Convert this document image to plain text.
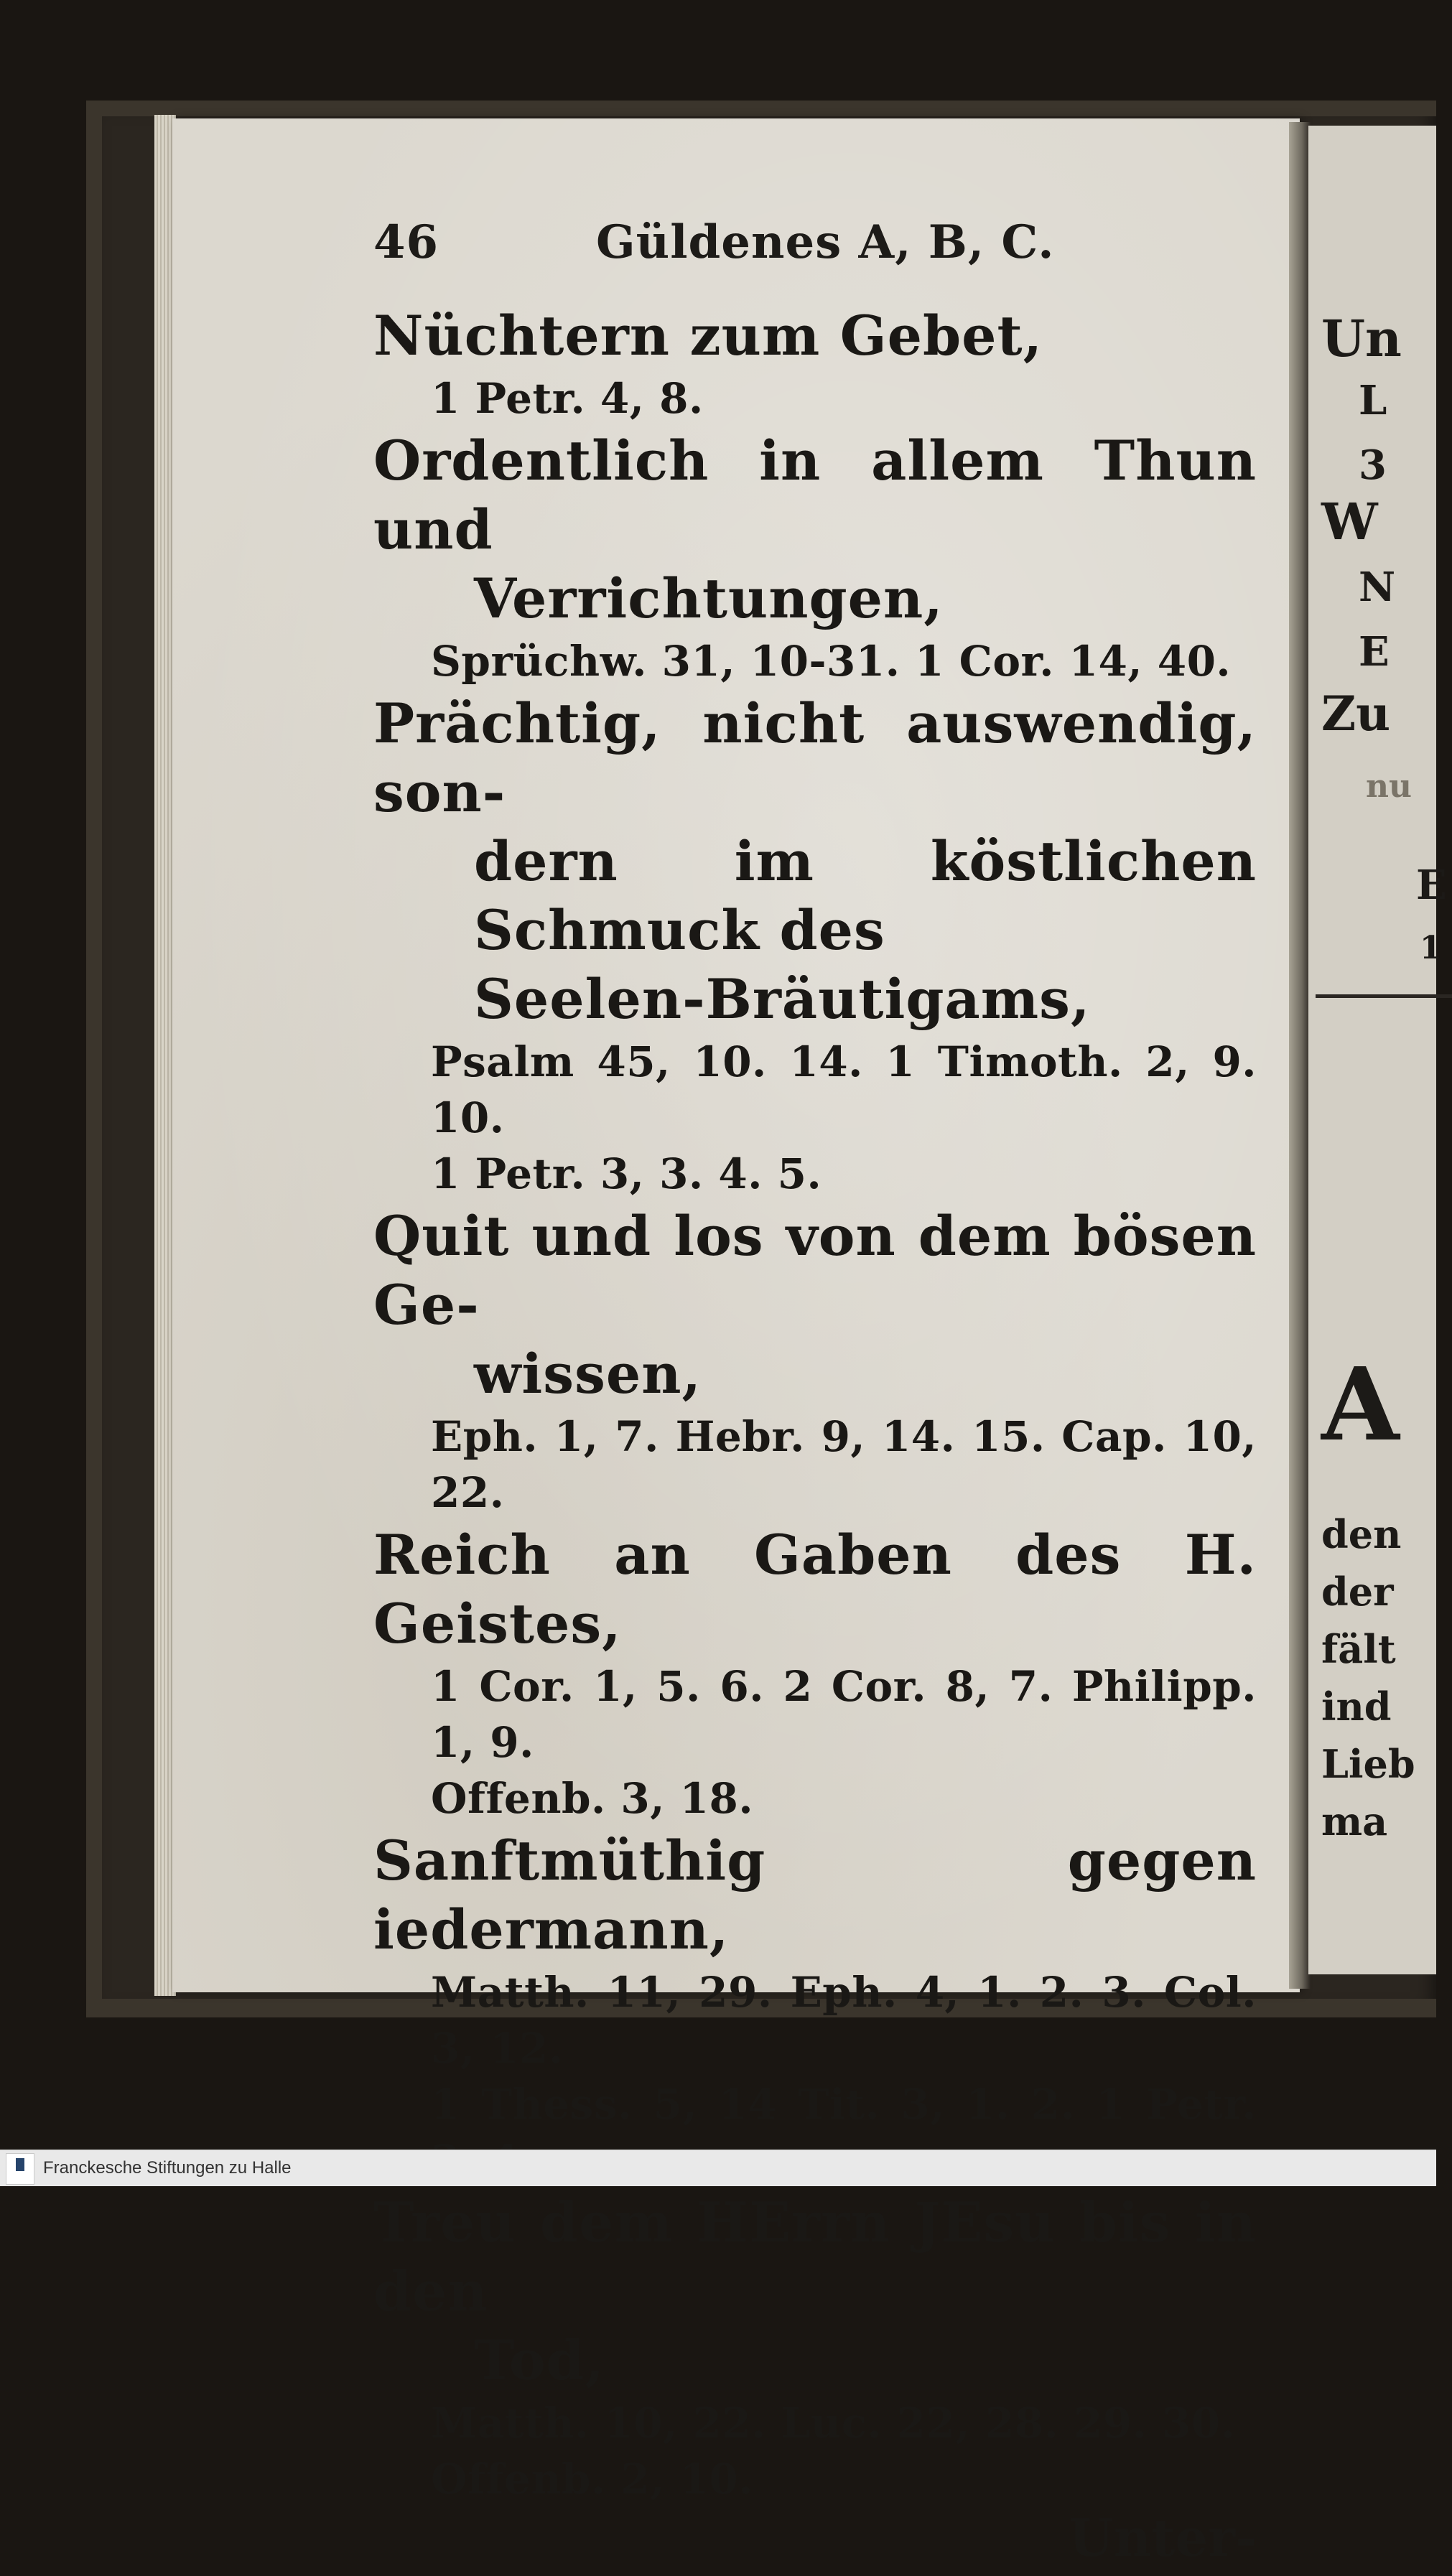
Un
L
3
W
N
E
Zu
nu
E
1
A
den
der
fält
ind
Lieb
ma
46	Güldenes A, B, C.
Nüchtern zum Gebet,
1 Petr. 4, 8.
Ordentlich in allem Thun und
Verrichtungen,
Sprüchw. 31, 10-31. 1 Cor. 14, 40.
Prächtig, nicht auswendig, son-
dern im köstlichen Schmuck des
Seelen-Bräutigams,
Psalm 45, 10. 14. 1 Timoth. 2, 9. 10.
1 Petr. 3, 3. 4. 5.
Quit und los von dem bösen Ge-
wissen,
Eph. 1, 7. Hebr. 9, 14. 15. Cap. 10, 22.
Reich an Gaben des H. Geistes,
1 Cor. 1, 5. 6. 2 Cor. 8, 7. Philipp. 1, 9.
Offenb. 3, 18.
Sanftmüthig gegen iedermann,
Matth. 11, 29. Eph. 4, 1. 2. 3. Col. 3, 12.
1 Thess. 5, 14 Tit. 3, 1. 2. 1 Petr.
Treu dem HErrn JEsu bis in den
Tod,
Matth. 10, 22. Luc. 22, 28. 29. 30.
Offenb. 2, 10.
Unter-
Franckesche Stiftungen zu Halle
